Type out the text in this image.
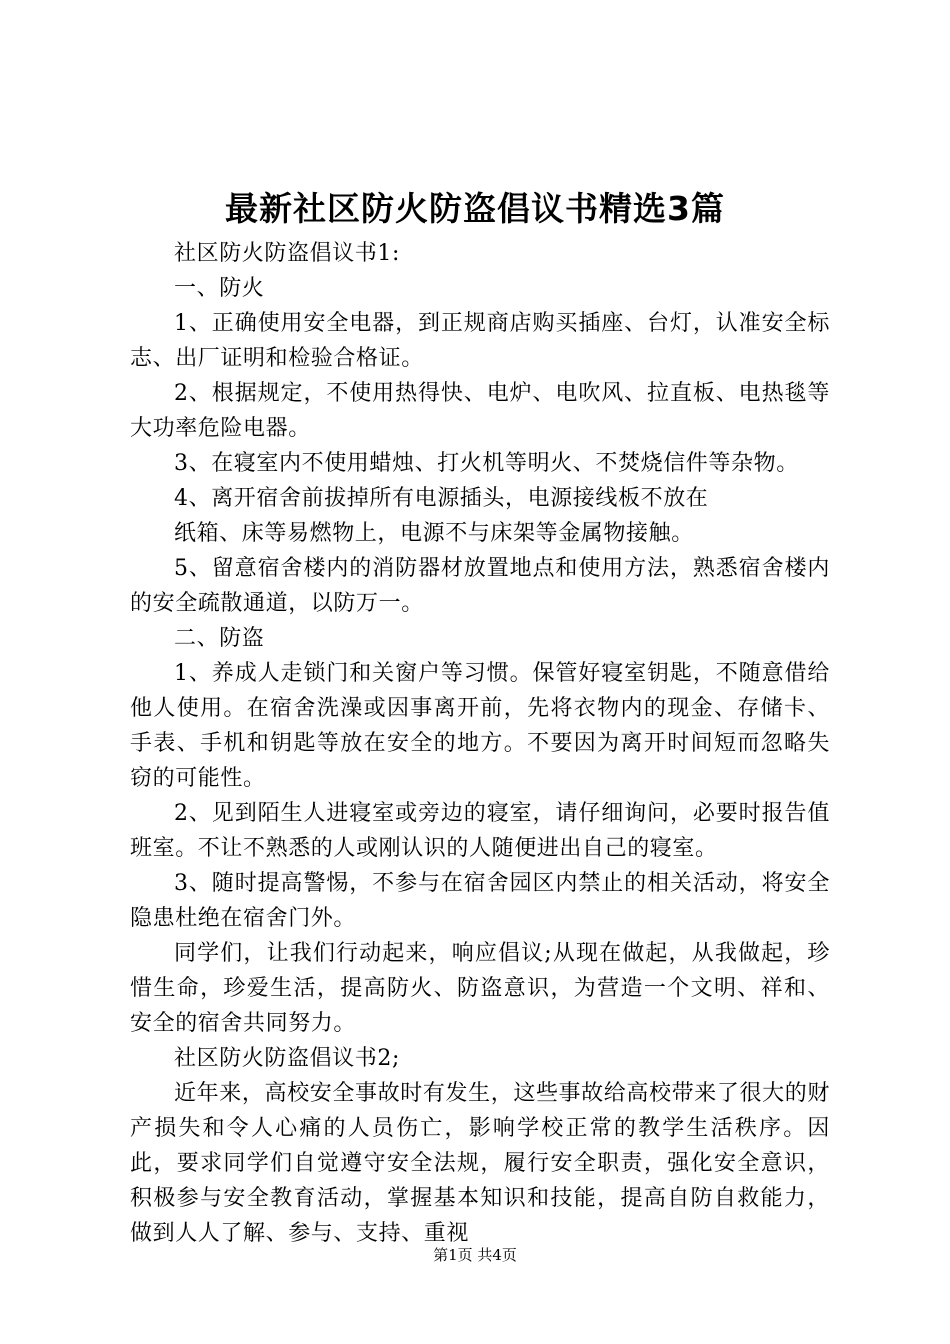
最新社区防火防盗倡议书精选3篇

社区防火防盗倡议书1:

一、防火

1、正确使用安全电器，到正规商店购买插座、台灯，认准安全标志、出厂证明和检验合格证。

2、根据规定，不使用热得快、电炉、电吹风、拉直板、电热毯等大功率危险电器。

3、在寝室内不使用蜡烛、打火机等明火、不焚烧信件等杂物。

4、离开宿舍前拔掉所有电源插头，电源接线板不放在

纸箱、床等易燃物上，电源不与床架等金属物接触。

5、留意宿舍楼内的消防器材放置地点和使用方法，熟悉宿舍楼内的安全疏散通道，以防万一。

二、防盗

1、养成人走锁门和关窗户等习惯。保管好寝室钥匙，不随意借给他人使用。在宿舍洗澡或因事离开前，先将衣物内的现金、存储卡、手表、手机和钥匙等放在安全的地方。不要因为离开时间短而忽略失窃的可能性。

2、见到陌生人进寝室或旁边的寝室，请仔细询问，必要时报告值班室。不让不熟悉的人或刚认识的人随便进出自己的寝室。

3、随时提高警惕，不参与在宿舍园区内禁止的相关活动，将安全隐患杜绝在宿舍门外。

同学们，让我们行动起来，响应倡议;从现在做起，从我做起，珍惜生命，珍爱生活，提高防火、防盗意识，为营造一个文明、祥和、安全的宿舍共同努力。

社区防火防盗倡议书2;

近年来，高校安全事故时有发生，这些事故给高校带来了很大的财产损失和令人心痛的人员伤亡，影响学校正常的教学生活秩序。因此，要求同学们自觉遵守安全法规，履行安全职责，强化安全意识，积极参与安全教育活动，掌握基本知识和技能，提高自防自救能力，做到人人了解、参与、支持、重视

第1页 共4页
